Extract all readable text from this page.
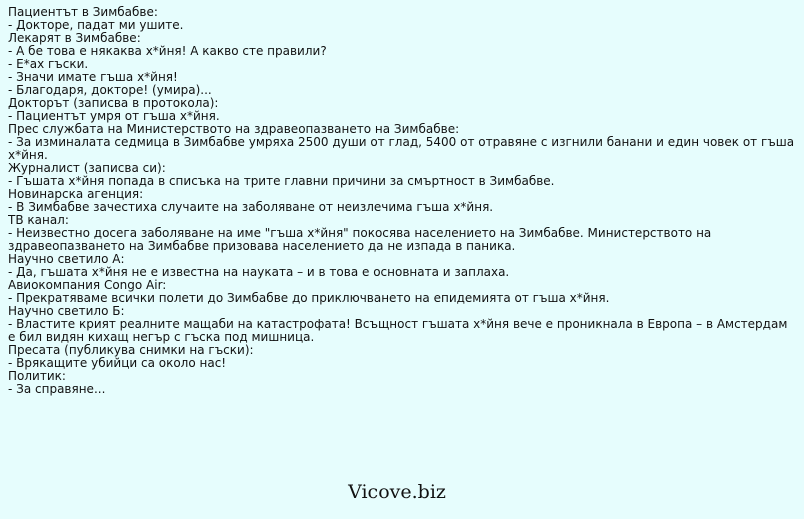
Пациентът в Зимбабве:
- Докторе, падат ми ушите.
Лекарят в Зимбабве:
- А бе това е някаква х*йня! А какво сте правили?
- Е*ах гъски.
- Значи имате гъша х*йня!
- Благодаря, докторе! (умира)...
Докторът (записва в протокола):
- Пациентът умря от гъша х*йня.
Прес службата на Министерството на здравеопазването на Зимбабве:
- За изминалата седмица в Зимбабве умряха 2500 души от глад, 5400 от отравяне с изгнили банани и един човек от гъша х*йня.
Журналист (записва си):
- Гъшата х*йня попада в списъка на трите главни причини за смъртност в Зимбабве.
Новинарска агенция:
- В Зимбабве зачестиха случаите на заболяване от неизлечима гъша х*йня.
ТВ канал:
- Неизвестно досега заболяване на име "гъша х*йня" покосява населението на Зимбабве. Министерството на здравеопазването на Зимбабве призовава населението да не изпада в паника.
Научно светило А:
- Да, гъшата х*йня не е известна на науката – и в това е основната и заплаха.
Авиокомпания Congo Air:
- Прекратяваме всички полети до Зимбабве до приключването на епидемията от гъша х*йня.
Научно светило Б:
- Властите крият реалните мащаби на катастрофата! Всъщност гъшата х*йня вече е проникнала в Европа – в Амстердам е бил видян кихащ негър с гъска под мишница.
Пресата (публикува снимки на гъски):
- Врякащите убийци са около нас!
Политик:
- За справяне...
Vicove.biz
